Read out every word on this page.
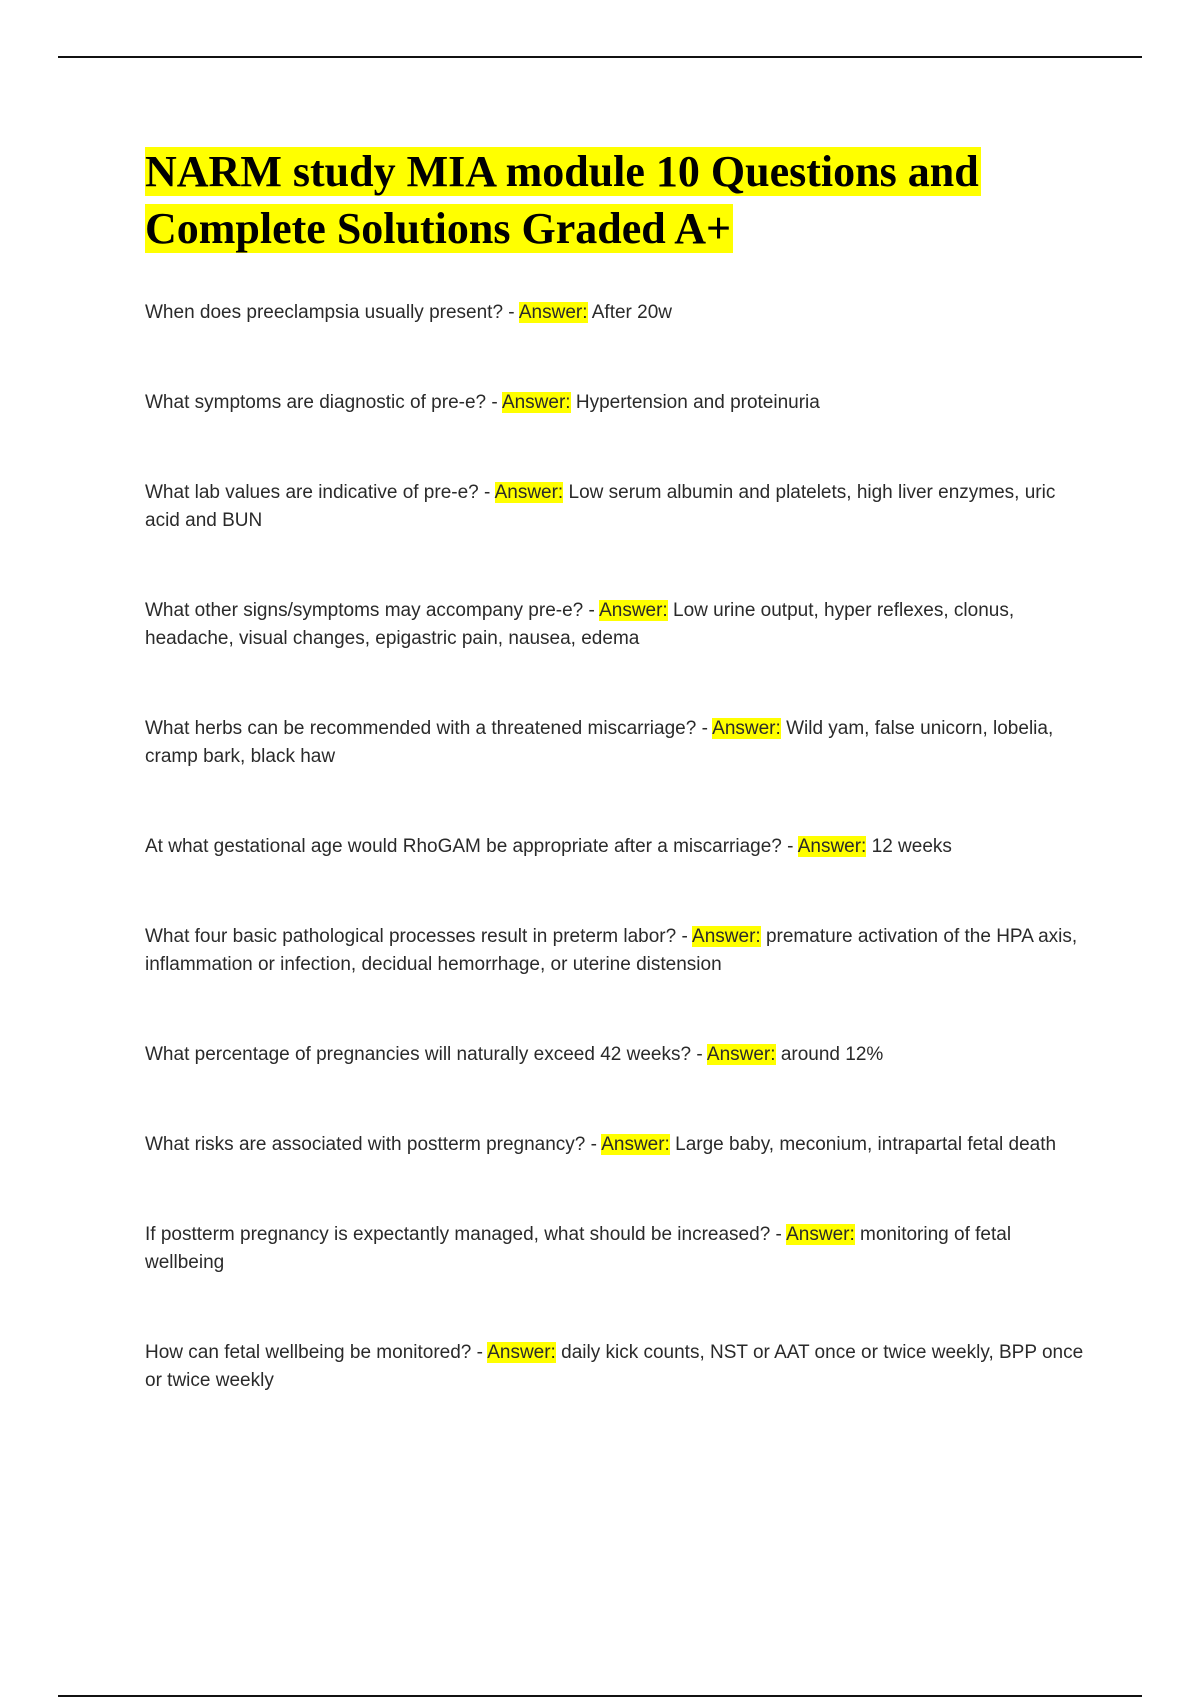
NARM study MIA module 10 Questions and Complete Solutions Graded A+

When does preeclampsia usually present? - Answer: After 20w

What symptoms are diagnostic of pre-e? - Answer: Hypertension and proteinuria

What lab values are indicative of pre-e? - Answer: Low serum albumin and platelets, high liver enzymes, uric acid and BUN

What other signs/symptoms may accompany pre-e? - Answer: Low urine output, hyper reflexes, clonus, headache, visual changes, epigastric pain, nausea, edema

What herbs can be recommended with a threatened miscarriage? - Answer: Wild yam, false unicorn, lobelia, cramp bark, black haw

At what gestational age would RhoGAM be appropriate after a miscarriage? - Answer: 12 weeks

What four basic pathological processes result in preterm labor? - Answer: premature activation of the HPA axis, inflammation or infection, decidual hemorrhage, or uterine distension

What percentage of pregnancies will naturally exceed 42 weeks? - Answer: around 12%

What risks are associated with postterm pregnancy? - Answer: Large baby, meconium, intrapartal fetal death

If postterm pregnancy is expectantly managed, what should be increased? - Answer: monitoring of fetal wellbeing

How can fetal wellbeing be monitored? - Answer: daily kick counts, NST or AAT once or twice weekly, BPP once or twice weekly
